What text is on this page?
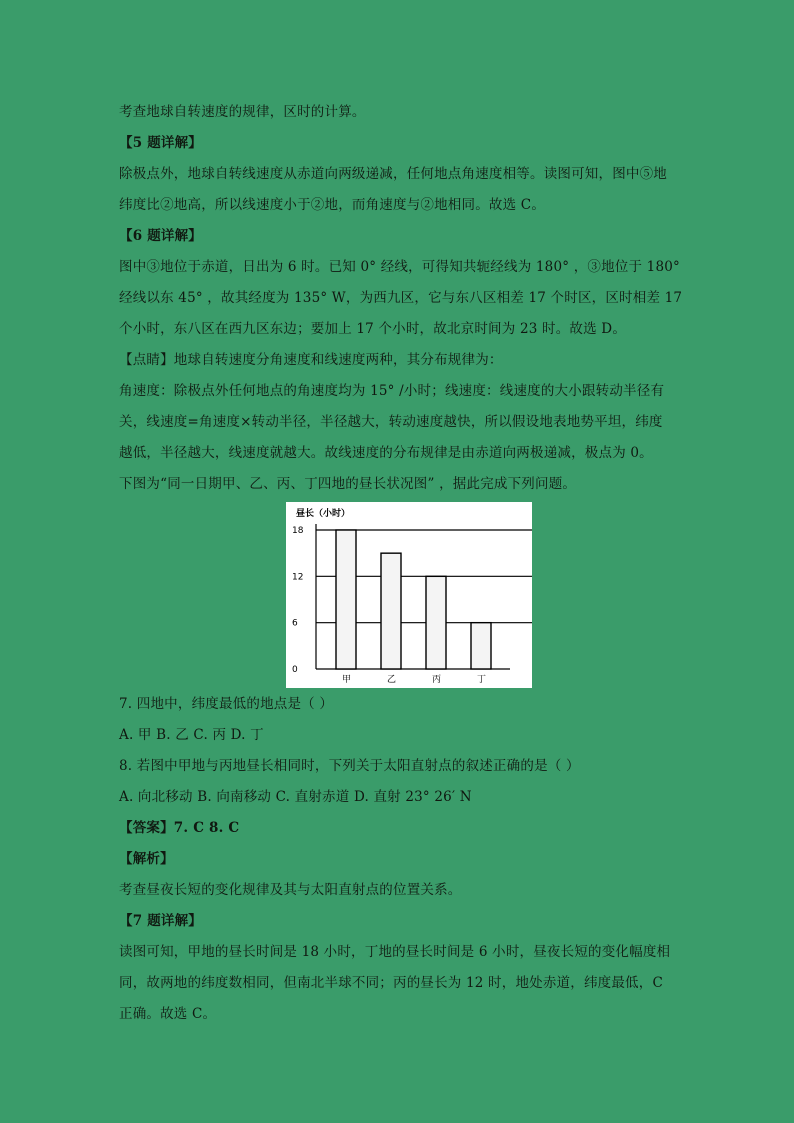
考查地球自转速度的规律，区时的计算。
【5 题详解】
除极点外，地球自转线速度从赤道向两级递减，任何地点角速度相等。读图可知，图中⑤地
纬度比②地高，所以线速度小于②地，而角速度与②地相同。故选 C。
【6 题详解】
图中③地位于赤道，日出为 6 时。已知 0° 经线，可得知共轭经线为 180° ，③地位于 180°
经线以东 45° ，故其经度为 135° W，为西九区，它与东八区相差 17 个时区，区时相差 17
个小时，东八区在西九区东边；要加上 17 个小时，故北京时间为 23 时。故选 D。
【点睛】地球自转速度分角速度和线速度两种，其分布规律为：
角速度：除极点外任何地点的角速度均为 15° /小时；线速度：线速度的大小跟转动半径有
关，线速度=角速度×转动半径，半径越大，转动速度越快，所以假设地表地势平坦，纬度
越低，半径越大，线速度就越大。故线速度的分布规律是由赤道向两极递减，极点为 0。
下图为“同一日期甲、乙、丙、丁四地的昼长状况图” ，据此完成下列问题。
昼长（小时）
18
12
6
0
甲	乙	丙	丁
7. 四地中，纬度最低的地点是（ ）
A. 甲 B. 乙 C. 丙 D. 丁
8. 若图中甲地与丙地昼长相同时，下列关于太阳直射点的叙述正确的是（ ）
A. 向北移动 B. 向南移动 C. 直射赤道 D. 直射 23° 26′ N
【答案】7. C 8. C
【解析】
考查昼夜长短的变化规律及其与太阳直射点的位置关系。
【7 题详解】
读图可知，甲地的昼长时间是 18 小时，丁地的昼长时间是 6 小时，昼夜长短的变化幅度相
同，故两地的纬度数相同，但南北半球不同；丙的昼长为 12 时，地处赤道，纬度最低，C
正确。故选 C。
